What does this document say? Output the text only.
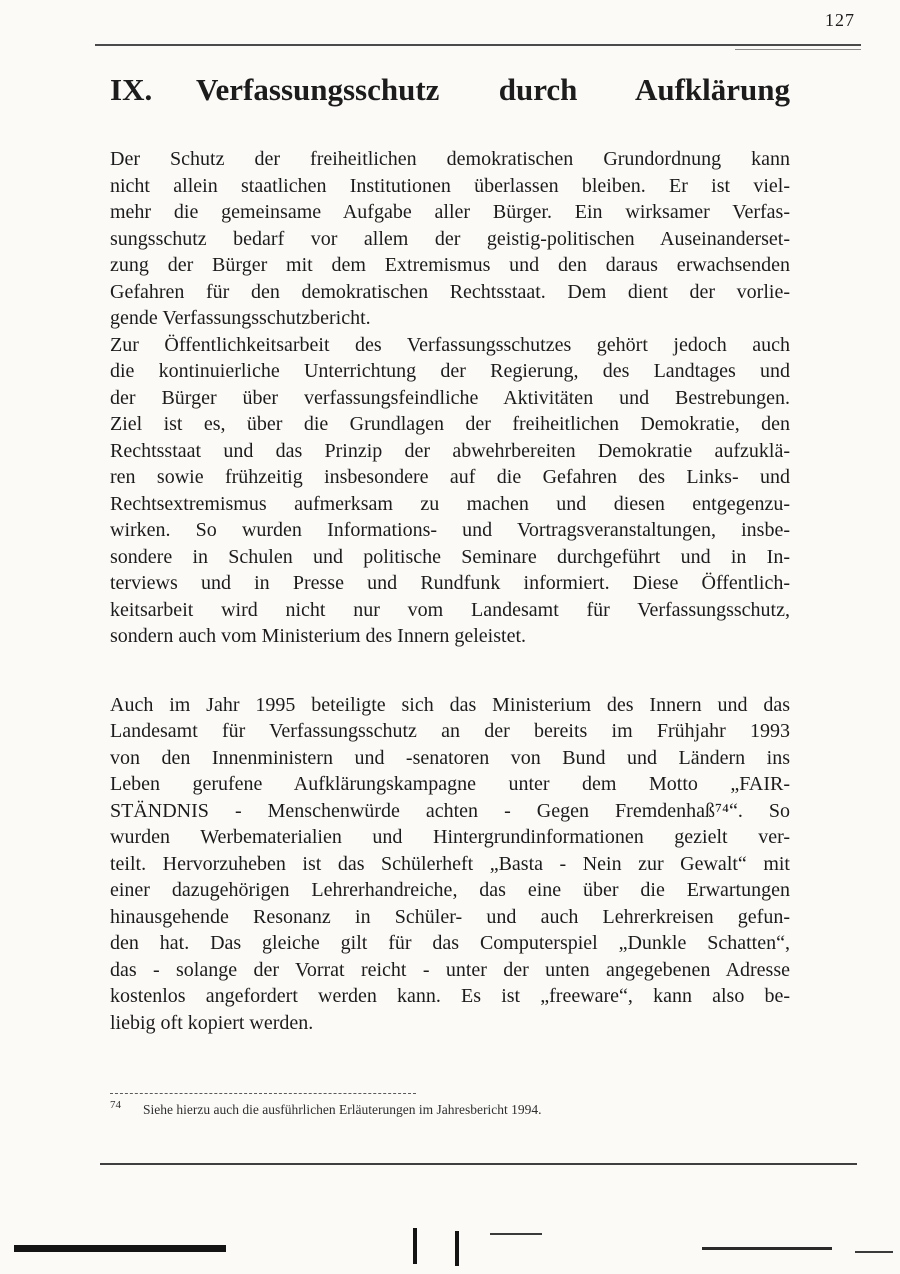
127
IX.	Verfassungsschutz durch Aufklärung
Der Schutz der freiheitlichen demokratischen Grundordnung kann
nicht allein staatlichen Institutionen überlassen bleiben. Er ist viel-
mehr die gemeinsame Aufgabe aller Bürger. Ein wirksamer Verfas-
sungsschutz bedarf vor allem der geistig-politischen Auseinanderset-
zung der Bürger mit dem Extremismus und den daraus erwachsenden
Gefahren für den demokratischen Rechtsstaat. Dem dient der vorlie-
gende Verfassungsschutzbericht.
Zur Öffentlichkeitsarbeit des Verfassungsschutzes gehört jedoch auch
die kontinuierliche Unterrichtung der Regierung, des Landtages und
der Bürger über verfassungsfeindliche Aktivitäten und Bestrebungen.
Ziel ist es, über die Grundlagen der freiheitlichen Demokratie, den
Rechtsstaat und das Prinzip der abwehrbereiten Demokratie aufzuklä-
ren sowie frühzeitig insbesondere auf die Gefahren des Links- und
Rechtsextremismus aufmerksam zu machen und diesen entgegenzu-
wirken. So wurden Informations- und Vortragsveranstaltungen, insbe-
sondere in Schulen und politische Seminare durchgeführt und in In-
terviews und in Presse und Rundfunk informiert. Diese Öffentlich-
keitsarbeit wird nicht nur vom Landesamt für Verfassungsschutz,
sondern auch vom Ministerium des Innern geleistet.
Auch im Jahr 1995 beteiligte sich das Ministerium des Innern und das
Landesamt für Verfassungsschutz an der bereits im Frühjahr 1993
von den Innenministern und -senatoren von Bund und Ländern ins
Leben gerufene Aufklärungskampagne unter dem Motto „FAIR-
STÄNDNIS - Menschenwürde achten - Gegen Fremdenhaß⁷⁴“. So
wurden Werbematerialien und Hintergrundinformationen gezielt ver-
teilt. Hervorzuheben ist das Schülerheft „Basta - Nein zur Gewalt“ mit
einer dazugehörigen Lehrerhandreiche, das eine über die Erwartungen
hinausgehende Resonanz in Schüler- und auch Lehrerkreisen gefun-
den hat. Das gleiche gilt für das Computerspiel „Dunkle Schatten“,
das - solange der Vorrat reicht - unter der unten angegebenen Adresse
kostenlos angefordert werden kann. Es ist „freeware“, kann also be-
liebig oft kopiert werden.
74 Siehe hierzu auch die ausführlichen Erläuterungen im Jahresbericht 1994.
